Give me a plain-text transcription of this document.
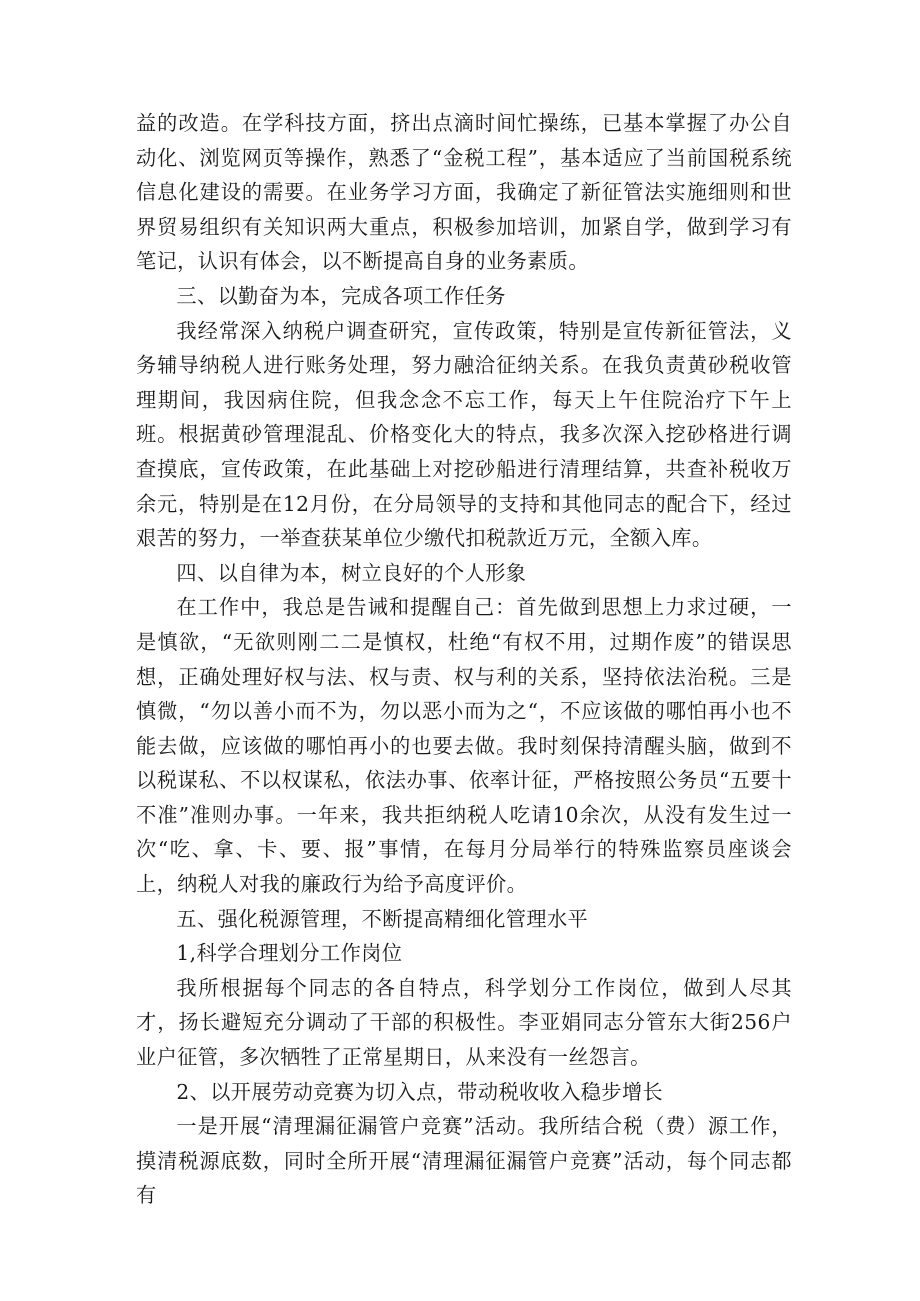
益的改造。在学科技方面，挤出点滴时间忙操练，已基本掌握了办公自动化、浏览网页等操作，熟悉了“金税工程”，基本适应了当前国税系统信息化建设的需要。在业务学习方面，我确定了新征管法实施细则和世界贸易组织有关知识两大重点，积极参加培训，加紧自学，做到学习有笔记，认识有体会，以不断提高自身的业务素质。

三、以勤奋为本，完成各项工作任务

我经常深入纳税户调查研究，宣传政策，特别是宣传新征管法，义务辅导纳税人进行账务处理，努力融洽征纳关系。在我负责黄砂税收管理期间，我因病住院，但我念念不忘工作，每天上午住院治疗下午上班。根据黄砂管理混乱、价格变化大的特点，我多次深入挖砂格进行调查摸底，宣传政策，在此基础上对挖砂船进行清理结算，共查补税收万余元，特别是在12月份，在分局领导的支持和其他同志的配合下，经过艰苦的努力，一举查获某单位少缴代扣税款近万元，全额入库。

四、以自律为本，树立良好的个人形象

在工作中，我总是告诫和提醒自己：首先做到思想上力求过硬，一是慎欲，“无欲则刚二二是慎权，杜绝“有权不用，过期作废”的错误思想，正确处理好权与法、权与责、权与利的关系，坚持依法治税。三是慎微，“勿以善小而不为，勿以恶小而为之“，不应该做的哪怕再小也不能去做，应该做的哪怕再小的也要去做。我时刻保持清醒头脑，做到不以税谋私、不以权谋私，依法办事、依率计征，严格按照公务员“五要十不准”准则办事。一年来，我共拒纳税人吃请10余次，从没有发生过一次“吃、拿、卡、要、报”事情，在每月分局举行的特殊监察员座谈会上，纳税人对我的廉政行为给予高度评价。

五、强化税源管理，不断提高精细化管理水平

1,科学合理划分工作岗位

我所根据每个同志的各自特点，科学划分工作岗位，做到人尽其才，扬长避短充分调动了干部的积极性。李亚娟同志分管东大街256户业户征管，多次牺牲了正常星期日，从来没有一丝怨言。

2、以开展劳动竞赛为切入点，带动税收收入稳步增长

一是开展“清理漏征漏管户竞赛”活动。我所结合税（费）源工作，摸清税源底数，同时全所开展“清理漏征漏管户竞赛”活动，每个同志都有
